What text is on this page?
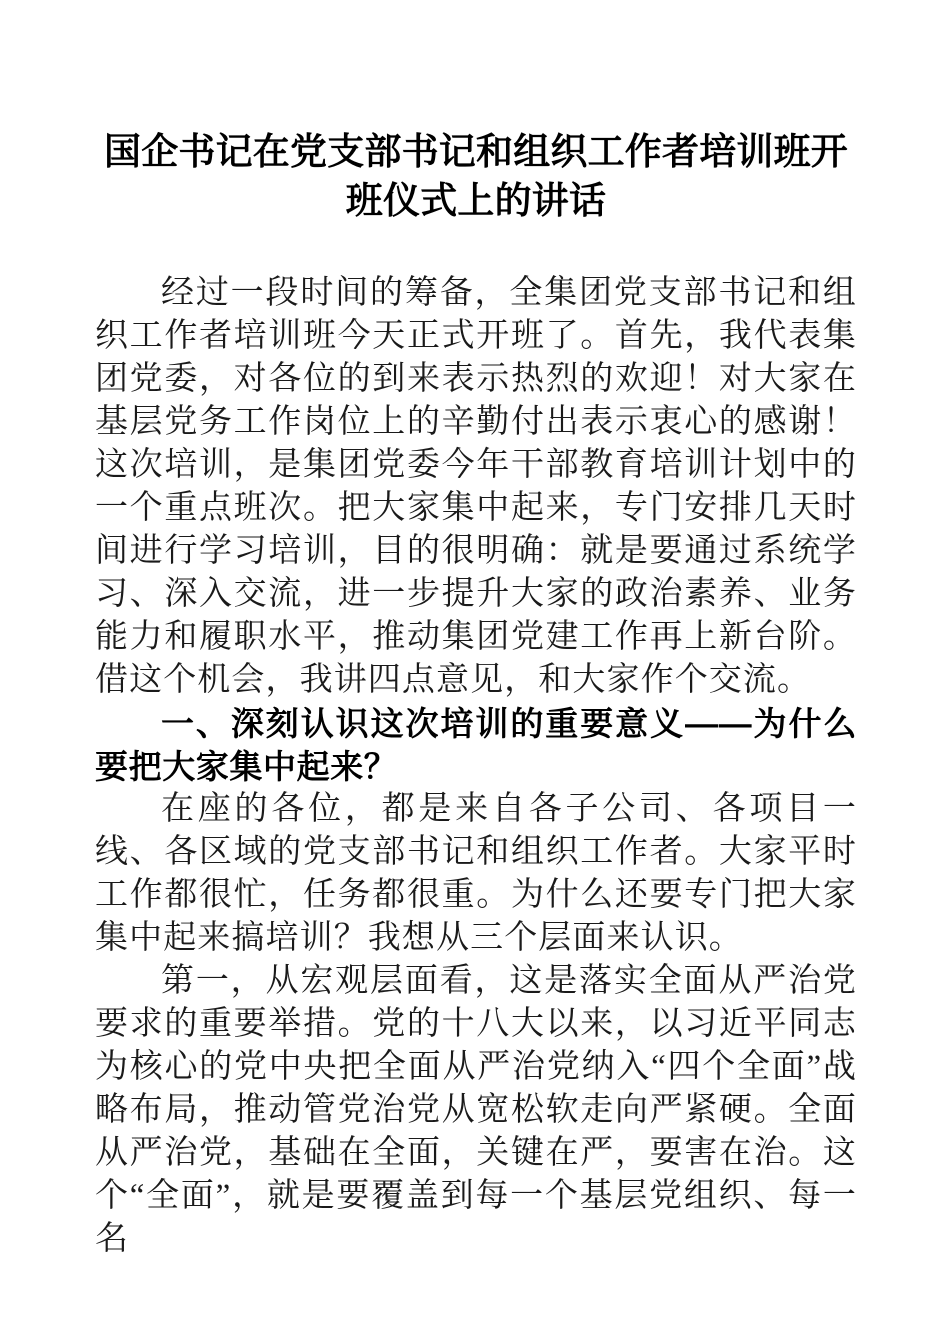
国企书记在党支部书记和组织工作者培训班开班仪式上的讲话

经过一段时间的筹备，全集团党支部书记和组织工作者培训班今天正式开班了。首先，我代表集团党委，对各位的到来表示热烈的欢迎！对大家在基层党务工作岗位上的辛勤付出表示衷心的感谢！这次培训，是集团党委今年干部教育培训计划中的一个重点班次。把大家集中起来，专门安排几天时间进行学习培训，目的很明确：就是要通过系统学习、深入交流，进一步提升大家的政治素养、业务能力和履职水平，推动集团党建工作再上新台阶。借这个机会，我讲四点意见，和大家作个交流。

一、深刻认识这次培训的重要意义——为什么要把大家集中起来？

在座的各位，都是来自各子公司、各项目一线、各区域的党支部书记和组织工作者。大家平时工作都很忙，任务都很重。为什么还要专门把大家集中起来搞培训？我想从三个层面来认识。

第一，从宏观层面看，这是落实全面从严治党要求的重要举措。党的十八大以来，以习近平同志为核心的党中央把全面从严治党纳入“四个全面”战略布局，推动管党治党从宽松软走向严紧硬。全面从严治党，基础在全面，关键在严，要害在治。这个“全面”，就是要覆盖到每一个基层党组织、每一名
